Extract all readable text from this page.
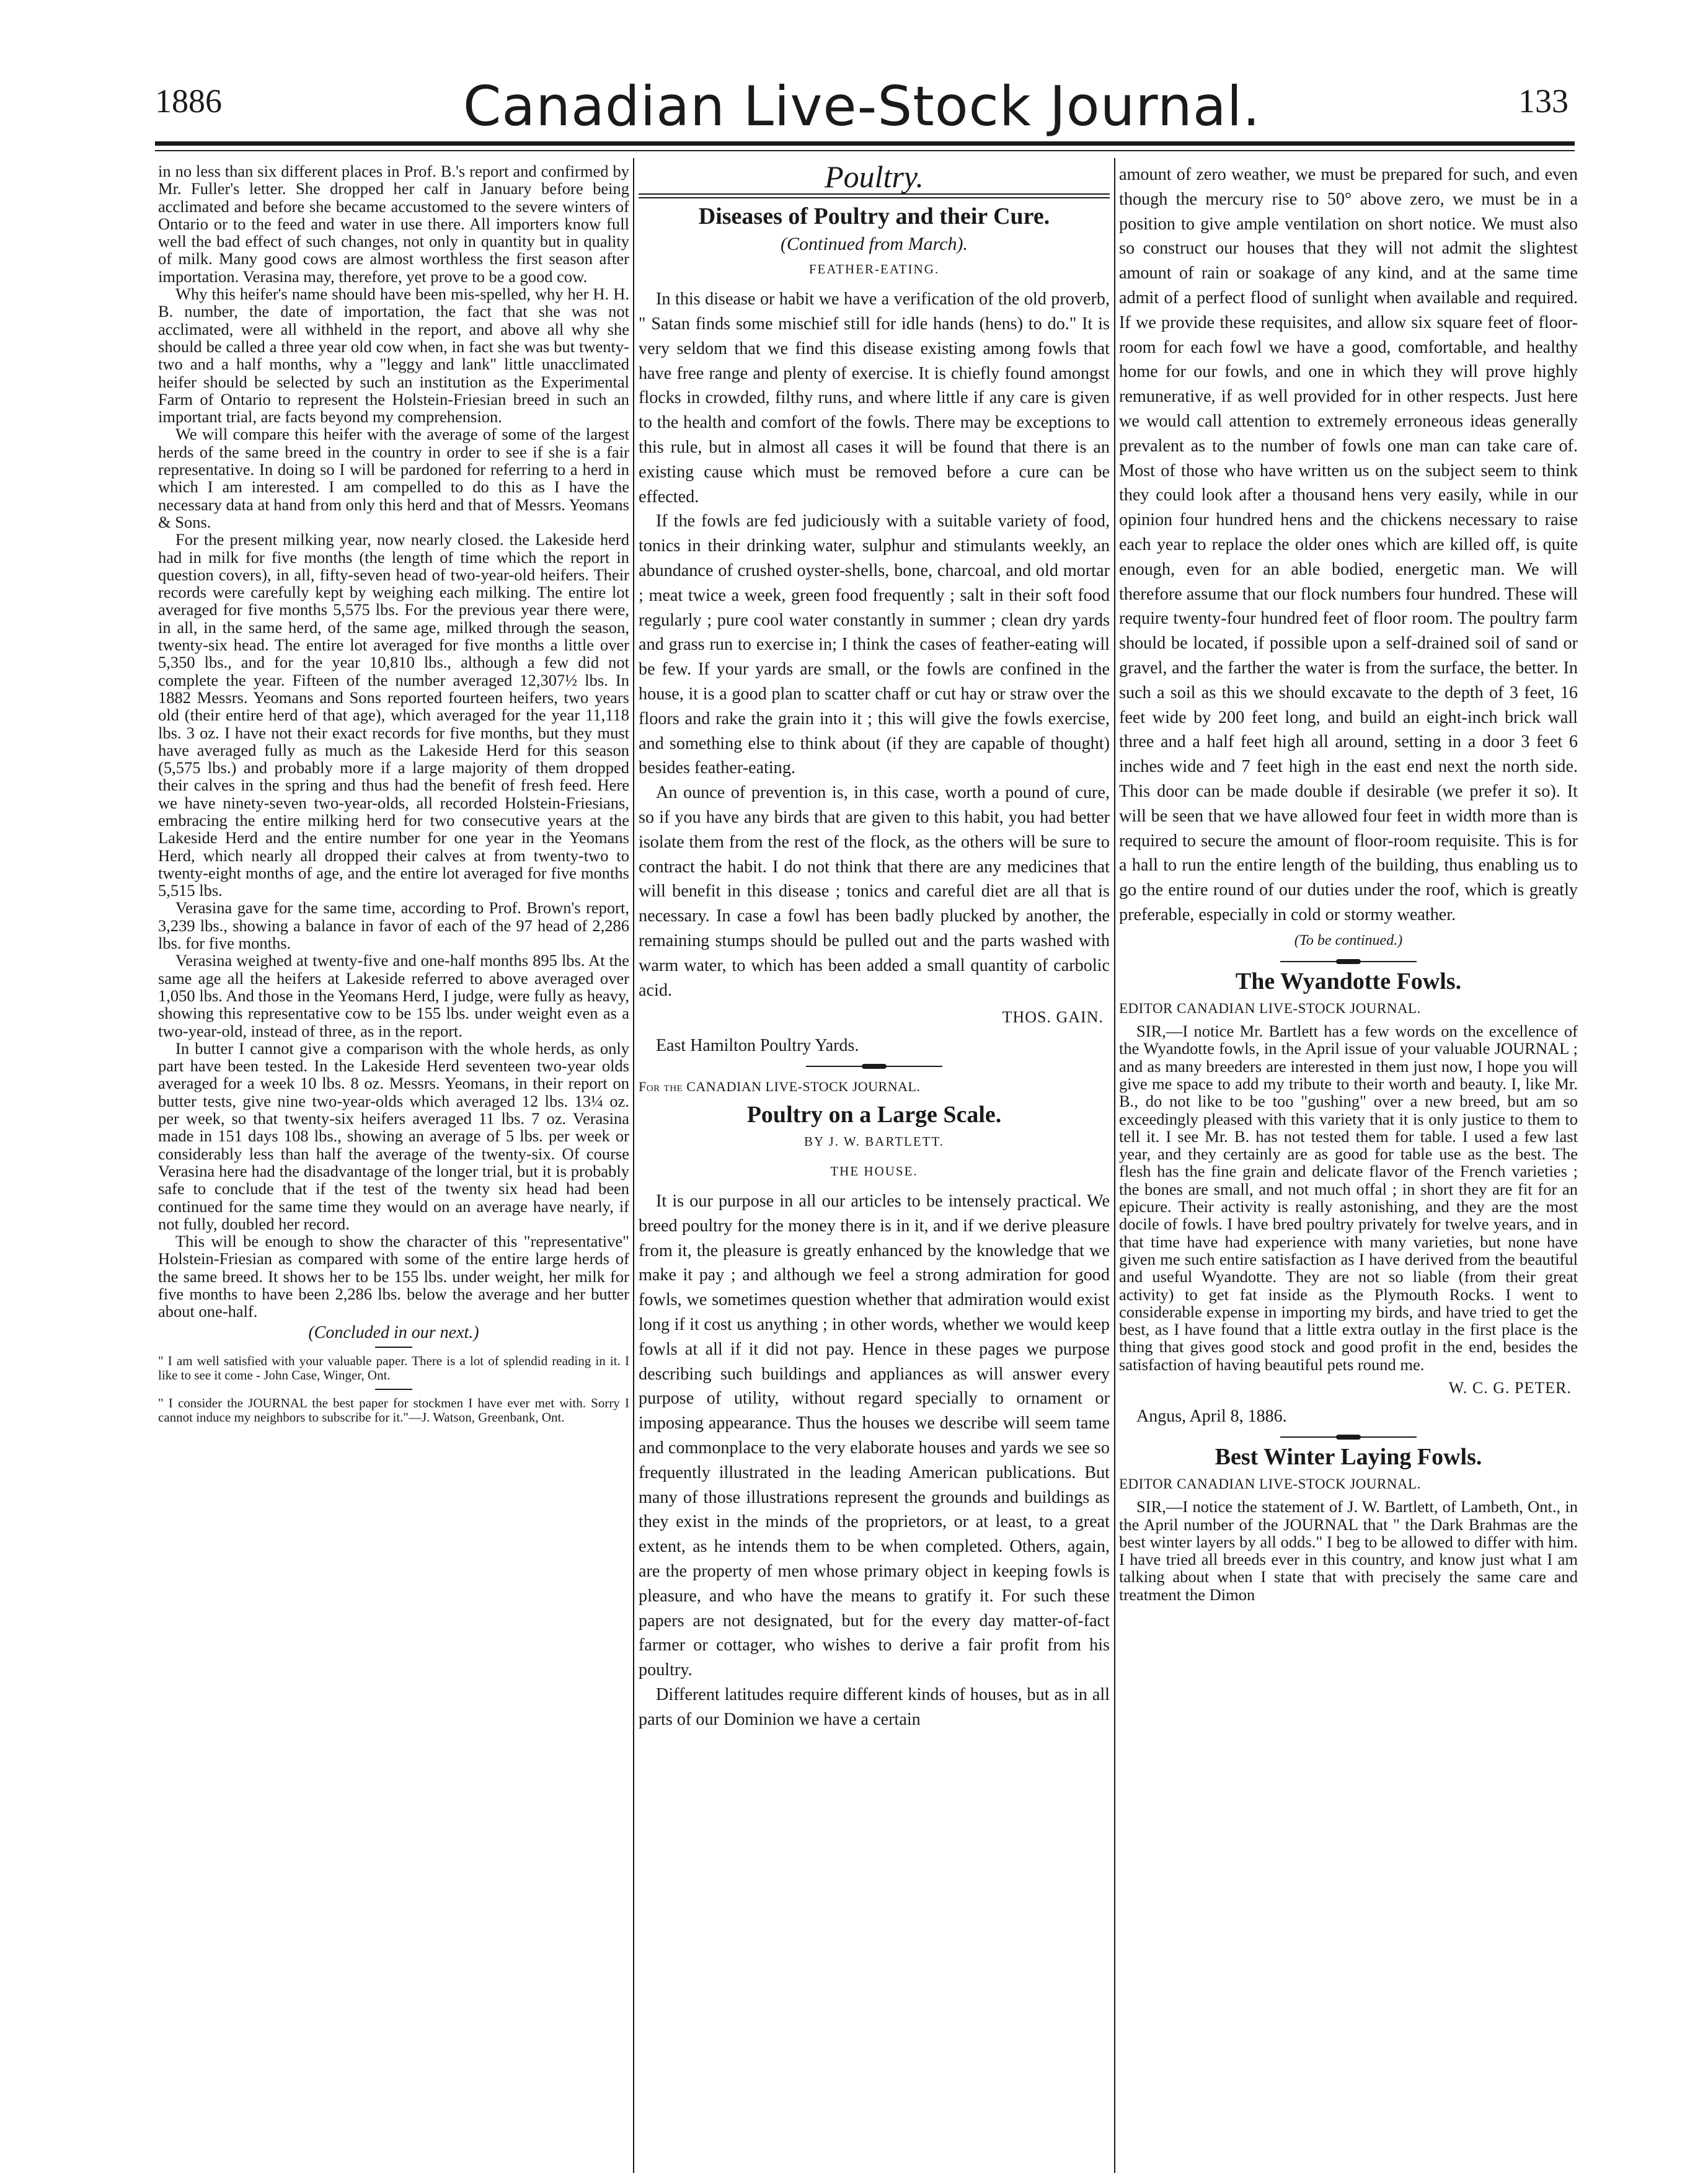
1886	Canadian Live-Stock Journal.	133

in no less than six different places in Prof. B.'s report and confirmed by Mr. Fuller's letter. She dropped her calf in January before being acclimated and before she became accustomed to the severe winters of Ontario or to the feed and water in use there. All importers know full well the bad effect of such changes, not only in quantity but in quality of milk. Many good cows are almost worthless the first season after importation. Verasina may, therefore, yet prove to be a good cow.

Why this heifer's name should have been mis-spelled, why her H. H. B. number, the date of importation, the fact that she was not acclimated, were all withheld in the report, and above all why she should be called a three year old cow when, in fact she was but twenty-two and a half months, why a "leggy and lank" little unacclimated heifer should be selected by such an institution as the Experimental Farm of Ontario to represent the Holstein-Friesian breed in such an important trial, are facts beyond my comprehension.

We will compare this heifer with the average of some of the largest herds of the same breed in the country in order to see if she is a fair representative. In doing so I will be pardoned for referring to a herd in which I am interested. I am compelled to do this as I have the necessary data at hand from only this herd and that of Messrs. Yeomans & Sons.

For the present milking year, now nearly closed. the Lakeside herd had in milk for five months (the length of time which the report in question covers), in all, fifty-seven head of two-year-old heifers. Their records were carefully kept by weighing each milking. The entire lot averaged for five months 5,575 lbs. For the previous year there were, in all, in the same herd, of the same age, milked through the season, twenty-six head. The entire lot averaged for five months a little over 5,350 lbs., and for the year 10,810 lbs., although a few did not complete the year. Fifteen of the number averaged 12,307½ lbs. In 1882 Messrs. Yeomans and Sons reported fourteen heifers, two years old (their entire herd of that age), which averaged for the year 11,118 lbs. 3 oz. I have not their exact records for five months, but they must have averaged fully as much as the Lakeside Herd for this season (5,575 lbs.) and probably more if a large majority of them dropped their calves in the spring and thus had the benefit of fresh feed. Here we have ninety-seven two-year-olds, all recorded Holstein-Friesians, embracing the entire milking herd for two consecutive years at the Lakeside Herd and the entire number for one year in the Yeomans Herd, which nearly all dropped their calves at from twenty-two to twenty-eight months of age, and the entire lot averaged for five months 5,515 lbs.

Verasina gave for the same time, according to Prof. Brown's report, 3,239 lbs., showing a balance in favor of each of the 97 head of 2,286 lbs. for five months.

Verasina weighed at twenty-five and one-half months 895 lbs. At the same age all the heifers at Lakeside referred to above averaged over 1,050 lbs. And those in the Yeomans Herd, I judge, were fully as heavy, showing this representative cow to be 155 lbs. under weight even as a two-year-old, instead of three, as in the report.

In butter I cannot give a comparison with the whole herds, as only part have been tested. In the Lakeside Herd seventeen two-year olds averaged for a week 10 lbs. 8 oz. Messrs. Yeomans, in their report on butter tests, give nine two-year-olds which averaged 12 lbs. 13¼ oz. per week, so that twenty-six heifers averaged 11 lbs. 7 oz. Verasina made in 151 days 108 lbs., showing an average of 5 lbs. per week or considerably less than half the average of the twenty-six. Of course Verasina here had the disadvantage of the longer trial, but it is probably safe to conclude that if the test of the twenty six head had been continued for the same time they would on an average have nearly, if not fully, doubled her record.

This will be enough to show the character of this "representative" Holstein-Friesian as compared with some of the entire large herds of the same breed. It shows her to be 155 lbs. under weight, her milk for five months to have been 2,286 lbs. below the average and her butter about one-half.

(Concluded in our next.)
" I am well satisfied with your valuable paper. There is a lot of splendid reading in it. I like to see it come - John Case, Winger, Ont.
" I consider the JOURNAL the best paper for stockmen I have ever met with. Sorry I cannot induce my neighbors to subscribe for it."—J. Watson, Greenbank, Ont.
Poultry.
Diseases of Poultry and their Cure.
(Continued from March).
FEATHER-EATING.

In this disease or habit we have a verification of the old proverb, " Satan finds some mischief still for idle hands (hens) to do." It is very seldom that we find this disease existing among fowls that have free range and plenty of exercise. It is chiefly found amongst flocks in crowded, filthy runs, and where little if any care is given to the health and comfort of the fowls. There may be exceptions to this rule, but in almost all cases it will be found that there is an existing cause which must be removed before a cure can be effected.

If the fowls are fed judiciously with a suitable variety of food, tonics in their drinking water, sulphur and stimulants weekly, an abundance of crushed oyster-shells, bone, charcoal, and old mortar ; meat twice a week, green food frequently ; salt in their soft food regularly ; pure cool water constantly in summer ; clean dry yards and grass run to exercise in; I think the cases of feather-eating will be few. If your yards are small, or the fowls are confined in the house, it is a good plan to scatter chaff or cut hay or straw over the floors and rake the grain into it ; this will give the fowls exercise, and something else to think about (if they are capable of thought) besides feather-eating.

An ounce of prevention is, in this case, worth a pound of cure, so if you have any birds that are given to this habit, you had better isolate them from the rest of the flock, as the others will be sure to contract the habit. I do not think that there are any medicines that will benefit in this disease ; tonics and careful diet are all that is necessary. In case a fowl has been badly plucked by another, the remaining stumps should be pulled out and the parts washed with warm water, to which has been added a small quantity of carbolic acid.

THOS. GAIN.
East Hamilton Poultry Yards.
For the CANADIAN LIVE-STOCK JOURNAL.
Poultry on a Large Scale.
BY J. W. BARTLETT.
THE HOUSE.

It is our purpose in all our articles to be intensely practical. We breed poultry for the money there is in it, and if we derive pleasure from it, the pleasure is greatly enhanced by the knowledge that we make it pay ; and although we feel a strong admiration for good fowls, we sometimes question whether that admiration would exist long if it cost us anything ; in other words, whether we would keep fowls at all if it did not pay. Hence in these pages we purpose describing such buildings and appliances as will answer every purpose of utility, without regard specially to ornament or imposing appearance. Thus the houses we describe will seem tame and commonplace to the very elaborate houses and yards we see so frequently illustrated in the leading American publications. But many of those illustrations represent the grounds and buildings as they exist in the minds of the proprietors, or at least, to a great extent, as he intends them to be when completed. Others, again, are the property of men whose primary object in keeping fowls is pleasure, and who have the means to gratify it. For such these papers are not designated, but for the every day matter-of-fact farmer or cottager, who wishes to derive a fair profit from his poultry.

Different latitudes require different kinds of houses, but as in all parts of our Dominion we have a certain

amount of zero weather, we must be prepared for such, and even though the mercury rise to 50° above zero, we must be in a position to give ample ventilation on short notice. We must also so construct our houses that they will not admit the slightest amount of rain or soakage of any kind, and at the same time admit of a perfect flood of sunlight when available and required. If we provide these requisites, and allow six square feet of floor-room for each fowl we have a good, comfortable, and healthy home for our fowls, and one in which they will prove highly remunerative, if as well provided for in other respects. Just here we would call attention to extremely erroneous ideas generally prevalent as to the number of fowls one man can take care of. Most of those who have written us on the subject seem to think they could look after a thousand hens very easily, while in our opinion four hundred hens and the chickens necessary to raise each year to replace the older ones which are killed off, is quite enough, even for an able bodied, energetic man. We will therefore assume that our flock numbers four hundred. These will require twenty-four hundred feet of floor room. The poultry farm should be located, if possible upon a self-drained soil of sand or gravel, and the farther the water is from the surface, the better. In such a soil as this we should excavate to the depth of 3 feet, 16 feet wide by 200 feet long, and build an eight-inch brick wall three and a half feet high all around, setting in a door 3 feet 6 inches wide and 7 feet high in the east end next the north side. This door can be made double if desirable (we prefer it so). It will be seen that we have allowed four feet in width more than is required to secure the amount of floor-room requisite. This is for a hall to run the entire length of the building, thus enabling us to go the entire round of our duties under the roof, which is greatly preferable, especially in cold or stormy weather.

(To be continued.)
The Wyandotte Fowls.
EDITOR CANADIAN LIVE-STOCK JOURNAL.

SIR,—I notice Mr. Bartlett has a few words on the excellence of the Wyandotte fowls, in the April issue of your valuable JOURNAL ; and as many breeders are interested in them just now, I hope you will give me space to add my tribute to their worth and beauty. I, like Mr. B., do not like to be too "gushing" over a new breed, but am so exceedingly pleased with this variety that it is only justice to them to tell it. I see Mr. B. has not tested them for table. I used a few last year, and they certainly are as good for table use as the best. The flesh has the fine grain and delicate flavor of the French varieties ; the bones are small, and not much offal ; in short they are fit for an epicure. Their activity is really astonishing, and they are the most docile of fowls. I have bred poultry privately for twelve years, and in that time have had experience with many varieties, but none have given me such entire satisfaction as I have derived from the beautiful and useful Wyandotte. They are not so liable (from their great activity) to get fat inside as the Plymouth Rocks. I went to considerable expense in importing my birds, and have tried to get the best, as I have found that a little extra outlay in the first place is the thing that gives good stock and good profit in the end, besides the satisfaction of having beautiful pets round me.

W. C. G. PETER.
Angus, April 8, 1886.
Best Winter Laying Fowls.
EDITOR CANADIAN LIVE-STOCK JOURNAL.

SIR,—I notice the statement of J. W. Bartlett, of Lambeth, Ont., in the April number of the JOURNAL that " the Dark Brahmas are the best winter layers by all odds." I beg to be allowed to differ with him. I have tried all breeds ever in this country, and know just what I am talking about when I state that with precisely the same care and treatment the Dimon
